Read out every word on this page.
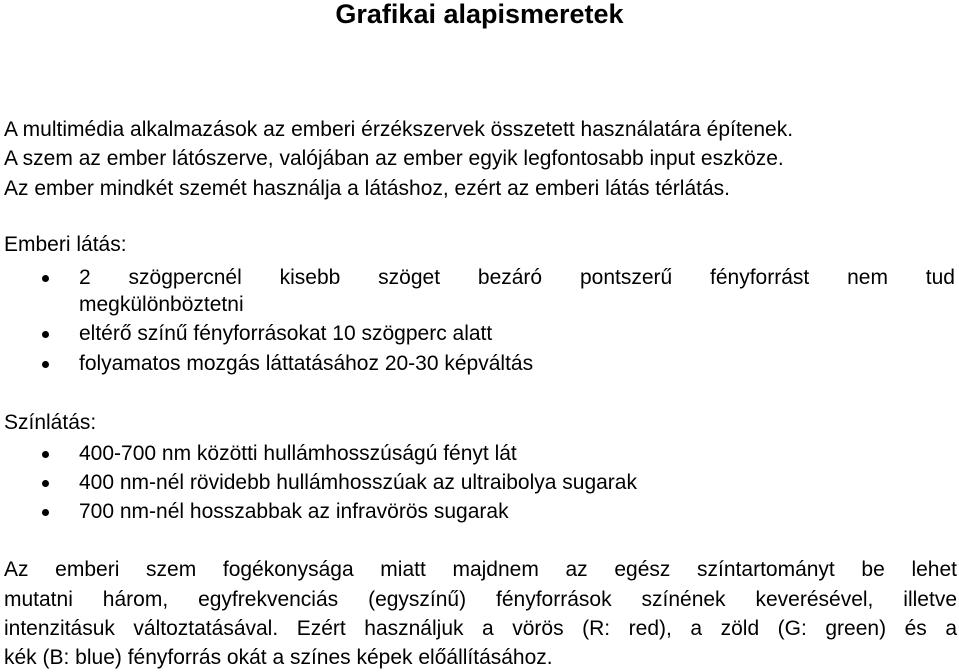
Grafikai alapismeretek
A multimédia alkalmazások az emberi érzékszervek összetett használatára építenek.
A szem az ember látószerve, valójában az ember egyik legfontosabb input eszköze.
Az ember mindkét szemét használja a látáshoz, ezért az emberi látás térlátás.
Emberi látás:
2 szögpercnél kisebb szöget bezáró pontszerű fényforrást nem tud
megkülönböztetni
eltérő színű fényforrásokat 10 szögperc alatt
folyamatos mozgás láttatásához 20-30 képváltás
Színlátás:
400-700 nm közötti hullámhosszúságú fényt lát
400 nm-nél rövidebb hullámhosszúak az ultraibolya sugarak
700 nm-nél hosszabbak az infravörös sugarak
Az emberi szem fogékonysága miatt majdnem az egész színtartományt be lehet
mutatni három, egyfrekvenciás (egyszínű) fényforrások színének keverésével, illetve
intenzitásuk változtatásával. Ezért használjuk a vörös (R: red), a zöld (G: green) és a
kék (B: blue) fényforrás okát a színes képek előállításához.
